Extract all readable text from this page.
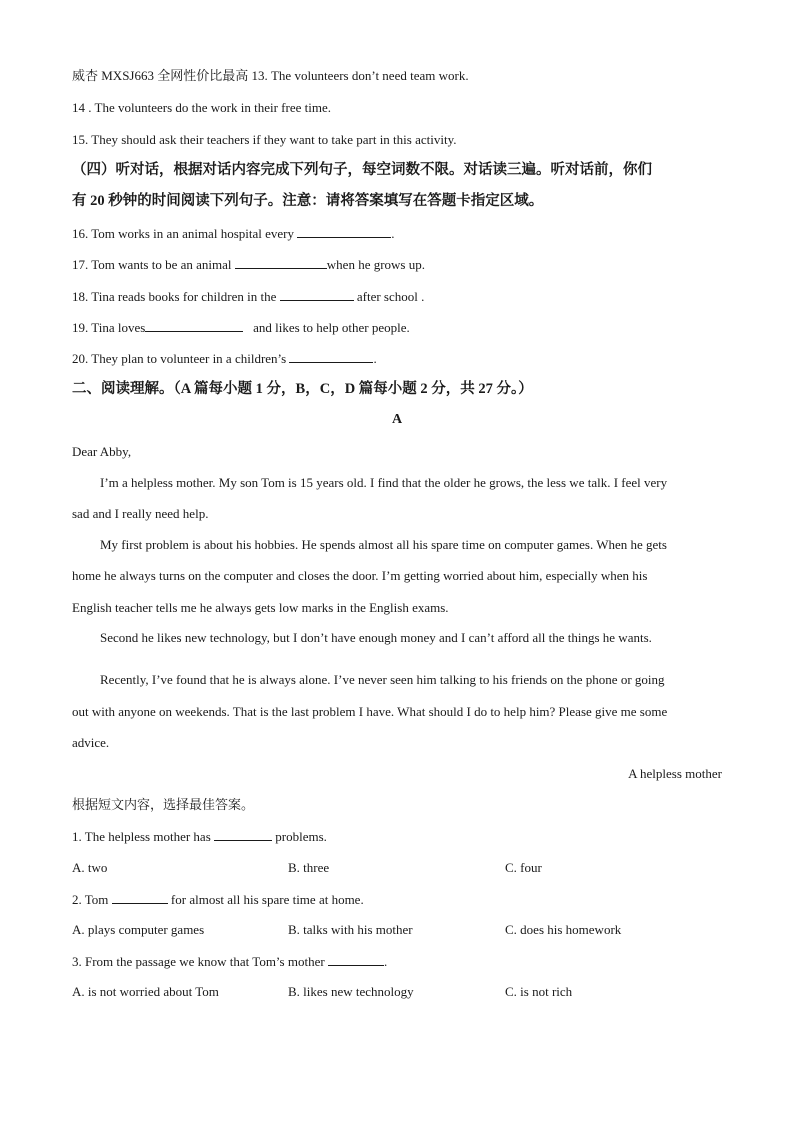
威杏 MXSJ663 全网性价比最高 13. The volunteers don’t need team work.
14 . The volunteers do the work in their free time.
15. They should ask their teachers if they want to take part in this activity.
（四）听对话，根据对话内容完成下列句子，每空词数不限。对话读三遍。听对话前，你们
有 20 秒钟的时间阅读下列句子。注意：请将答案填写在答题卡指定区域。
16. Tom works in an animal hospital every	.
17. Tom wants to be an animal	when he grows up.
18. Tina reads books for children in the	after school .
19. Tina loves	and likes to help other people.
20. They plan to volunteer in a children’s	.
二、阅读理解。（A 篇每小题 1 分，B，C，D 篇每小题 2 分，共 27 分。）
A
Dear Abby,
I’m a helpless mother. My son Tom is 15 years old. I find that the older he grows, the less we talk. I feel very
sad and I really need help.
My first problem is about his hobbies. He spends almost all his spare time on computer games. When he gets
home he always turns on the computer and closes the door. I’m getting worried about him, especially when his
English teacher tells me he always gets low marks in the English exams.
Second he likes new technology, but I don’t have enough money and I can’t afford all the things he wants.
Recently, I’ve found that he is always alone. I’ve never seen him talking to his friends on the phone or going
out with anyone on weekends. That is the last problem I have. What should I do to help him? Please give me some
advice.
A helpless mother
根据短文内容，选择最佳答案。
1. The helpless mother has	problems.
A. two	B. three	C. four
2. Tom	for almost all his spare time at home.
A. plays computer games	B. talks with his mother	C. does his homework
3. From the passage we know that Tom’s mother	.
A. is not worried about Tom	B. likes new technology	C. is not rich
